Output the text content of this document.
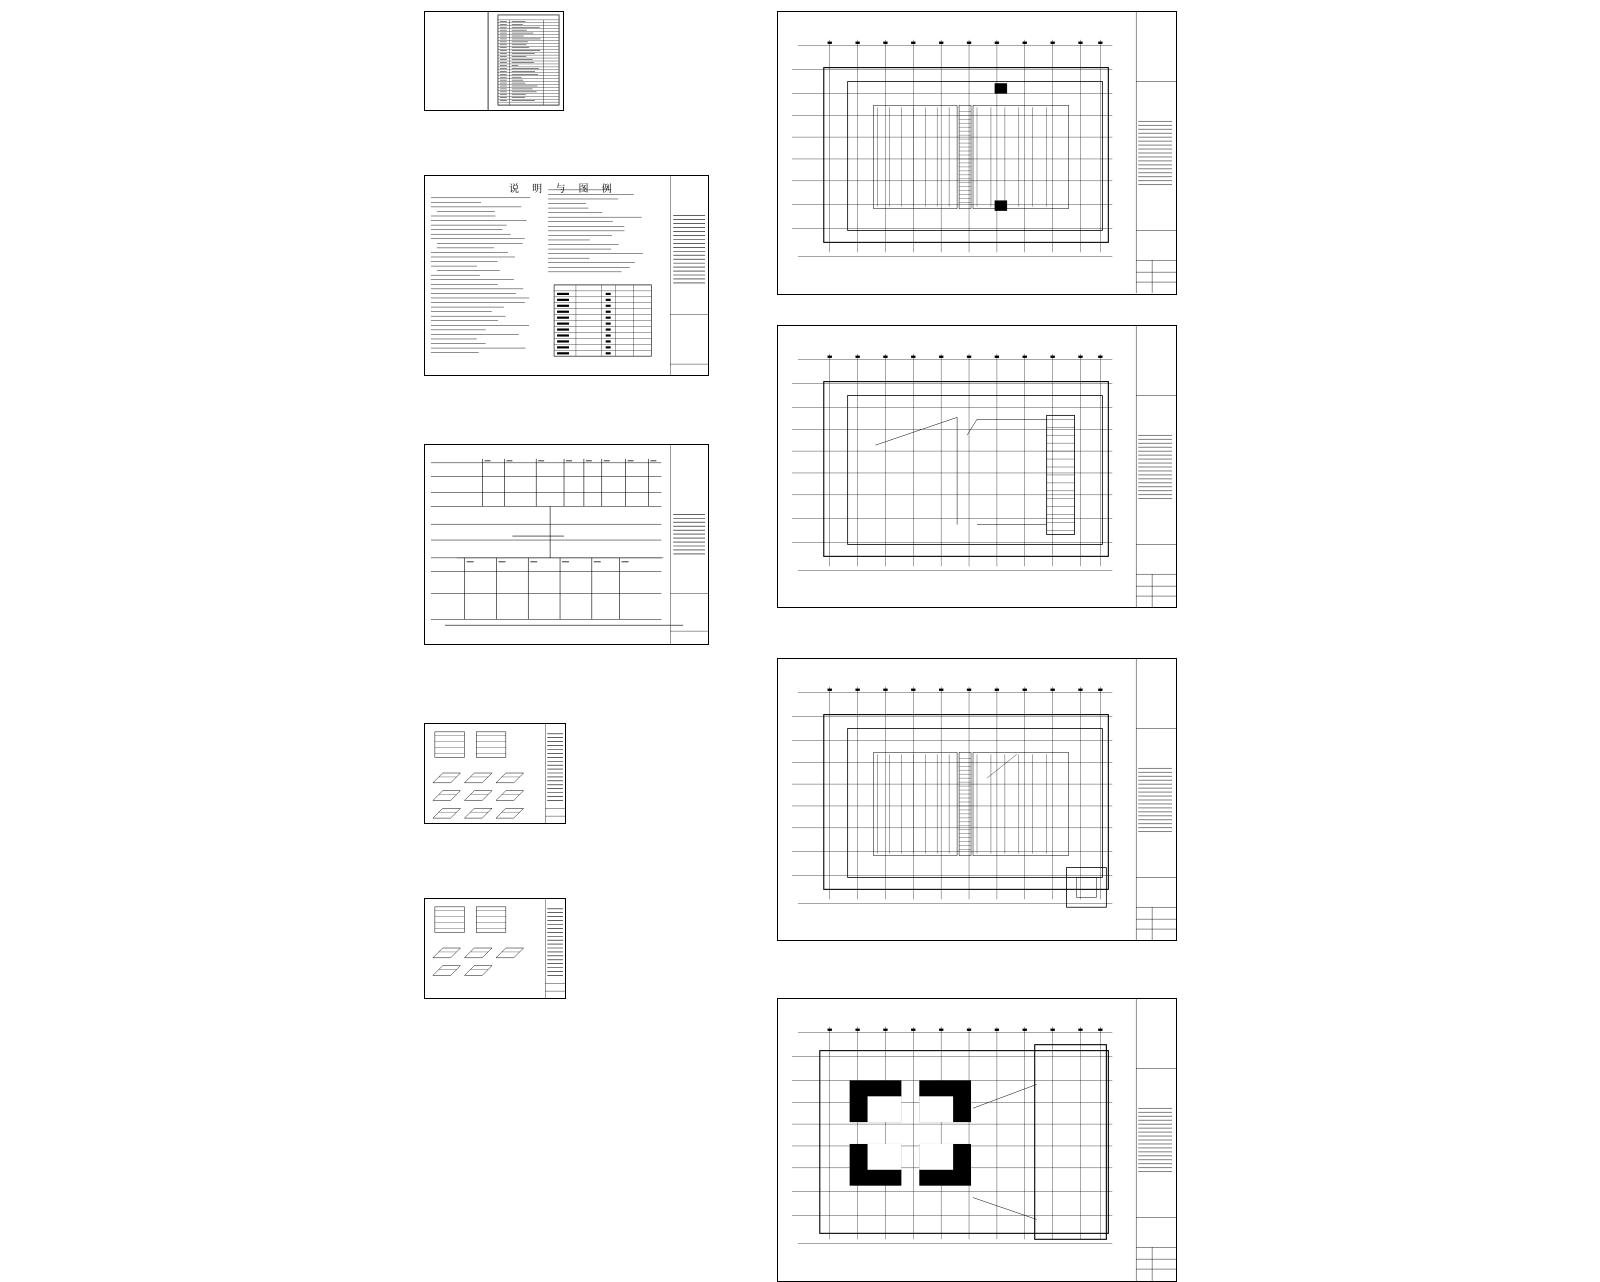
说 明 与 图 例
